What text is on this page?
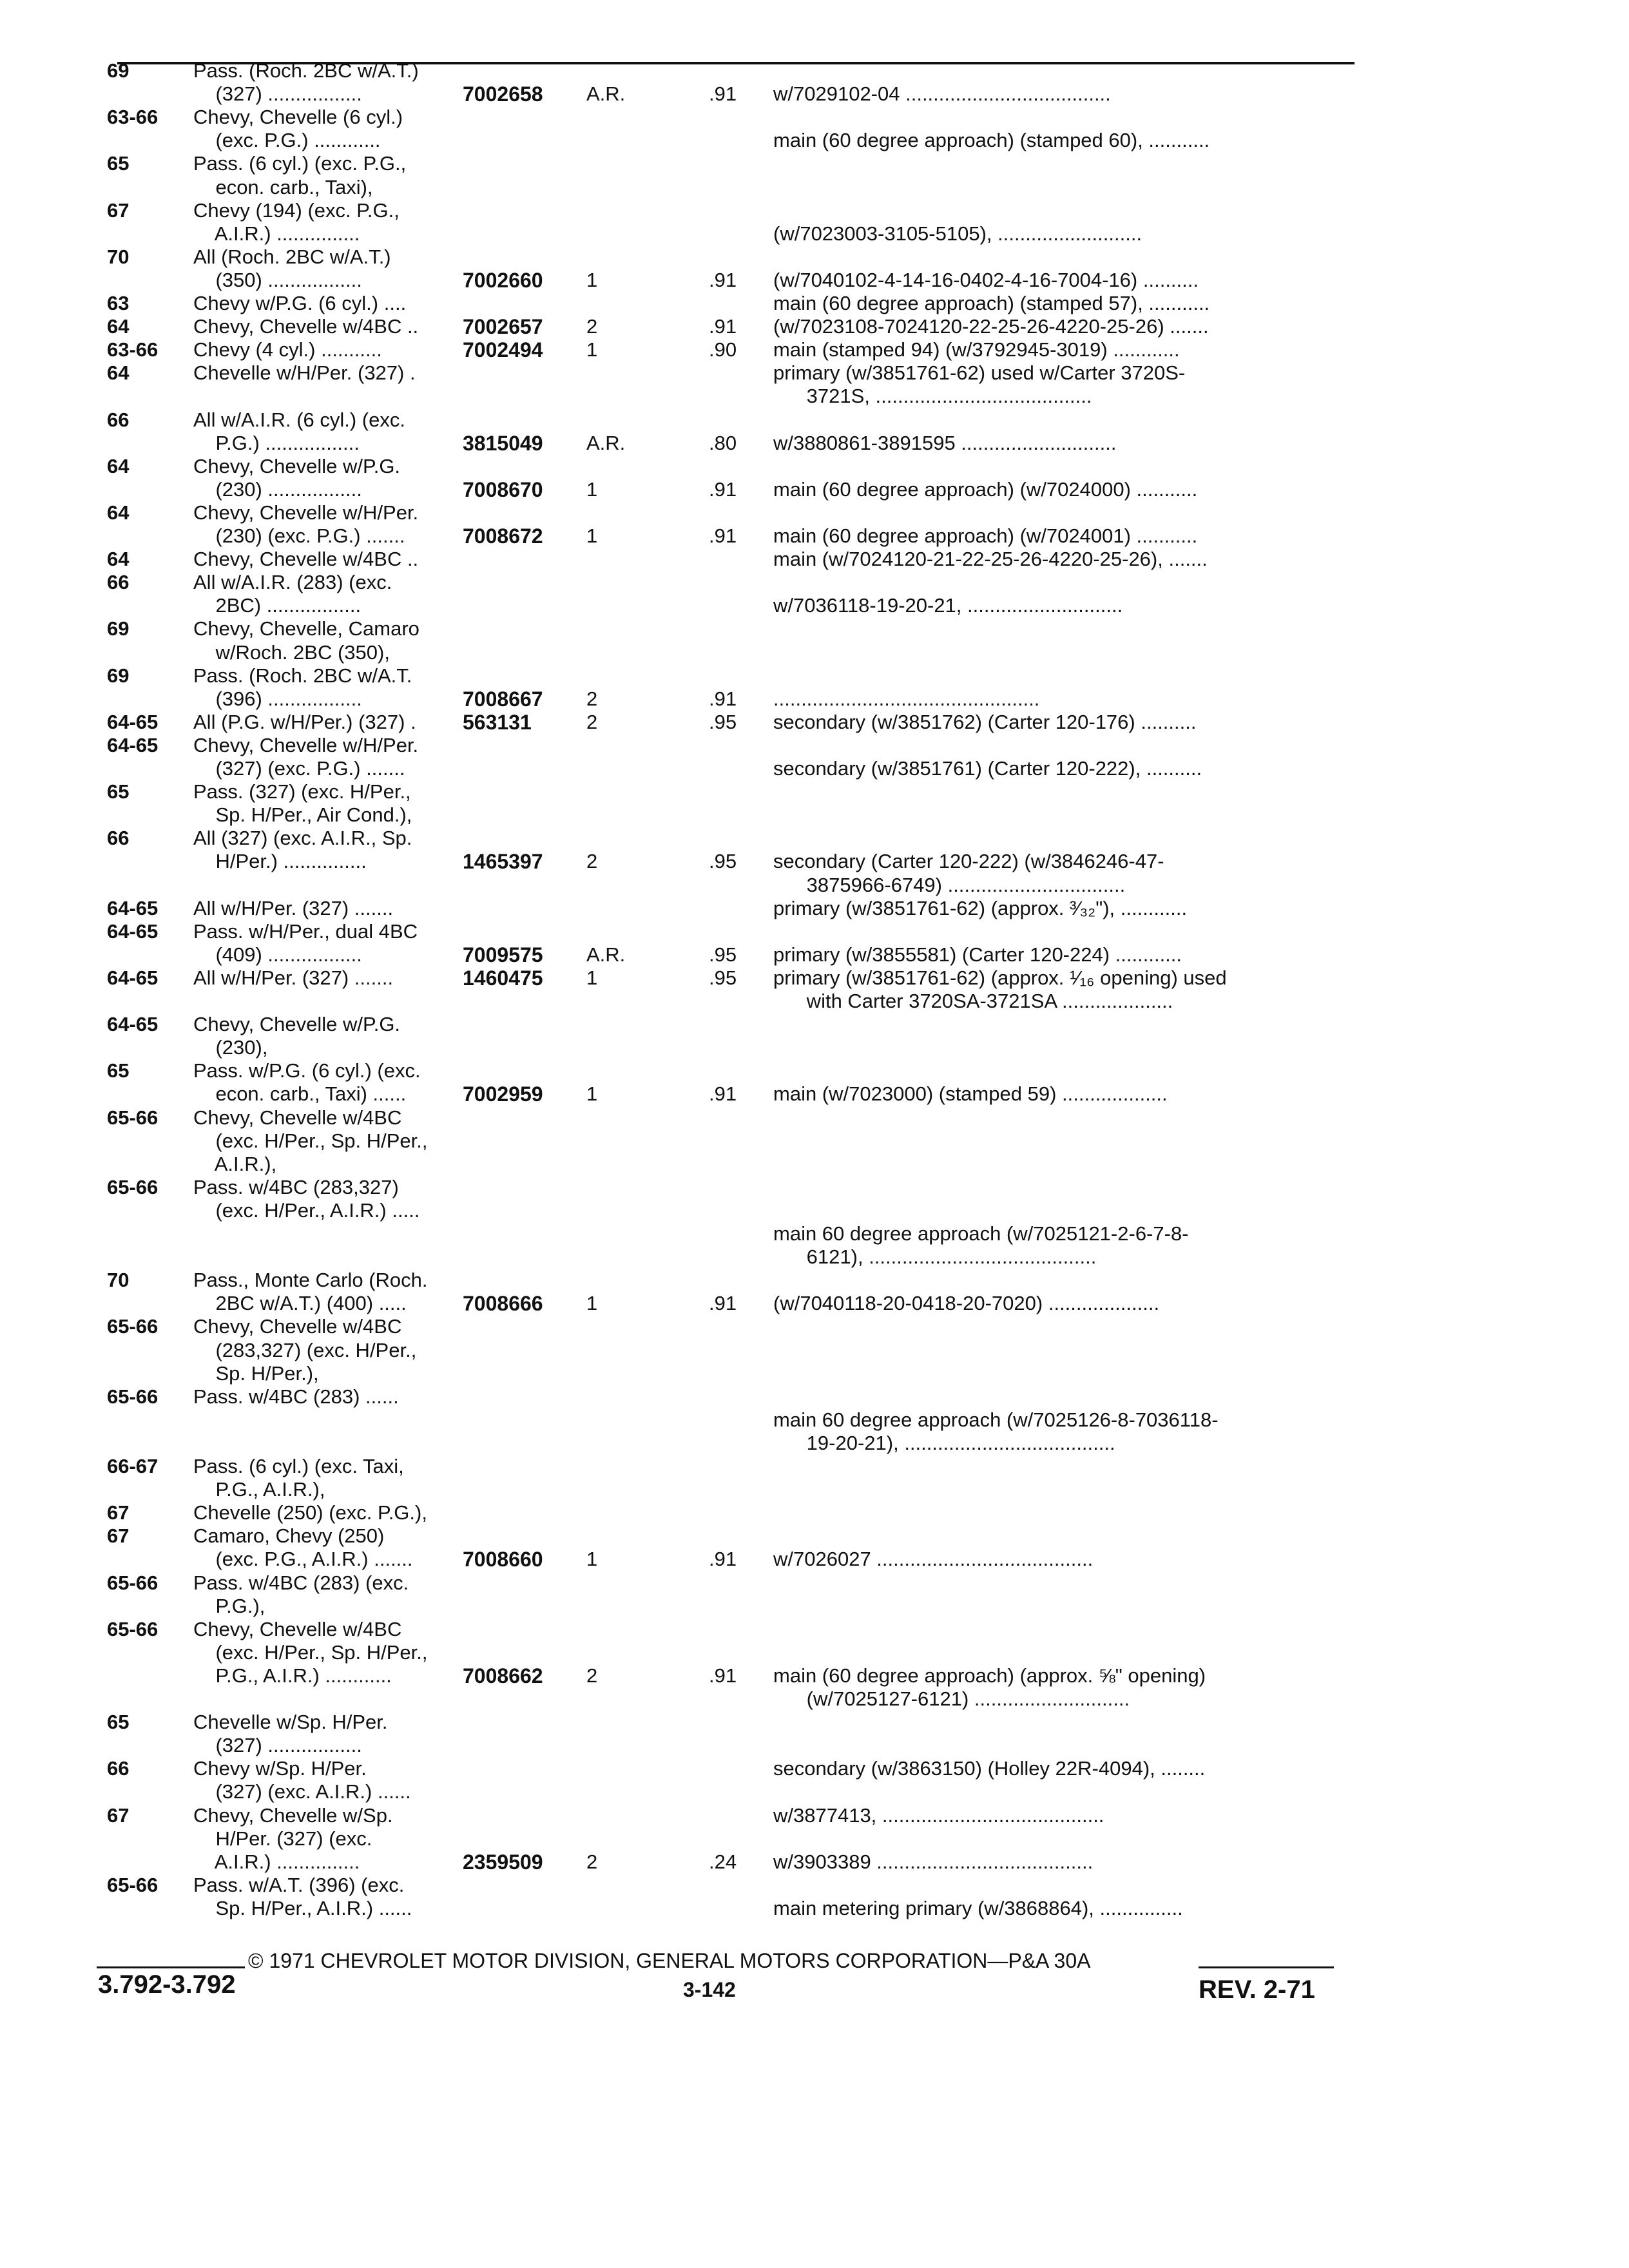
69	Pass. (Roch. 2BC w/A.T.)
(327) .................	7002658	A.R.	.91	w/7029102-04 .....................................
63-66	Chevy, Chevelle (6 cyl.)
(exc. P.G.) ............	main (60 degree approach) (stamped 60), ...........
65	Pass. (6 cyl.) (exc. P.G.,
econ. carb., Taxi),
67	Chevy (194) (exc. P.G.,
A.I.R.) ...............	(w/7023003-3105-5105), ..........................
70	All (Roch. 2BC w/A.T.)
(350) .................	7002660	1	.91	(w/7040102-4-14-16-0402-4-16-7004-16) ..........
63	Chevy w/P.G. (6 cyl.) ....	main (60 degree approach) (stamped 57), ...........
64	Chevy, Chevelle w/4BC ..	7002657	2	.91	(w/7023108-7024120-22-25-26-4220-25-26) .......
63-66	Chevy (4 cyl.) ...........	7002494	1	.90	main (stamped 94) (w/3792945-3019) ............
64	Chevelle w/H/Per. (327) .	primary (w/3851761-62) used w/Carter 3720S-
3721S, .......................................
66	All w/A.I.R. (6 cyl.) (exc.
P.G.) .................	3815049	A.R.	.80	w/3880861-3891595 ............................
64	Chevy, Chevelle w/P.G.
(230) .................	7008670	1	.91	main (60 degree approach) (w/7024000) ...........
64	Chevy, Chevelle w/H/Per.
(230) (exc. P.G.) .......	7008672	1	.91	main (60 degree approach) (w/7024001) ...........
64	Chevy, Chevelle w/4BC ..	main (w/7024120-21-22-25-26-4220-25-26), .......
66	All w/A.I.R. (283) (exc.
2BC) .................	w/7036118-19-20-21, ............................
69	Chevy, Chevelle, Camaro
w/Roch. 2BC (350),
69	Pass. (Roch. 2BC w/A.T.
(396) .................	7008667	2	.91	................................................
64-65	All (P.G. w/H/Per.) (327) .	563131	2	.95	secondary (w/3851762) (Carter 120-176) ..........
64-65	Chevy, Chevelle w/H/Per.
(327) (exc. P.G.) .......	secondary (w/3851761) (Carter 120-222), ..........
65	Pass. (327) (exc. H/Per.,
Sp. H/Per., Air Cond.),
66	All (327) (exc. A.I.R., Sp.
H/Per.) ...............	1465397	2	.95	secondary (Carter 120-222) (w/3846246-47-
3875966-6749) ................................
64-65	All w/H/Per. (327) .......	primary (w/3851761-62) (approx. ³⁄₃₂"), ............
64-65	Pass. w/H/Per., dual 4BC
(409) .................	7009575	A.R.	.95	primary (w/3855581) (Carter 120-224) ............
64-65	All w/H/Per. (327) .......	1460475	1	.95	primary (w/3851761-62) (approx. ¹⁄₁₆ opening) used
with Carter 3720SA-3721SA ....................
64-65	Chevy, Chevelle w/P.G.
(230),
65	Pass. w/P.G. (6 cyl.) (exc.
econ. carb., Taxi) ......	7002959	1	.91	main (w/7023000) (stamped 59) ...................
65-66	Chevy, Chevelle w/4BC
(exc. H/Per., Sp. H/Per.,
A.I.R.),
65-66	Pass. w/4BC (283,327)
(exc. H/Per., A.I.R.) .....
main 60 degree approach (w/7025121-2-6-7-8-
6121), .........................................
70	Pass., Monte Carlo (Roch.
2BC w/A.T.) (400) .....	7008666	1	.91	(w/7040118-20-0418-20-7020) ....................
65-66	Chevy, Chevelle w/4BC
(283,327) (exc. H/Per.,
Sp. H/Per.),
65-66	Pass. w/4BC (283) ......
main 60 degree approach (w/7025126-8-7036118-
19-20-21), ......................................
66-67	Pass. (6 cyl.) (exc. Taxi,
P.G., A.I.R.),
67	Chevelle (250) (exc. P.G.),
67	Camaro, Chevy (250)
(exc. P.G., A.I.R.) .......	7008660	1	.91	w/7026027 .......................................
65-66	Pass. w/4BC (283) (exc.
P.G.),
65-66	Chevy, Chevelle w/4BC
(exc. H/Per., Sp. H/Per.,
P.G., A.I.R.) ............	7008662	2	.91	main (60 degree approach) (approx. ⅝" opening)
(w/7025127-6121) ............................
65	Chevelle w/Sp. H/Per.
(327) .................
66	Chevy w/Sp. H/Per.	secondary (w/3863150) (Holley 22R-4094), ........
(327) (exc. A.I.R.) ......
67	Chevy, Chevelle w/Sp.	w/3877413, ........................................
H/Per. (327) (exc.
A.I.R.) ...............	2359509	2	.24	w/3903389 .......................................
65-66	Pass. w/A.T. (396) (exc.
Sp. H/Per., A.I.R.) ......	main metering primary (w/3868864), ...............
© 1971 CHEVROLET MOTOR DIVISION, GENERAL MOTORS CORPORATION—P&A 30A
3.792-3.792	3-142	REV. 2-71
